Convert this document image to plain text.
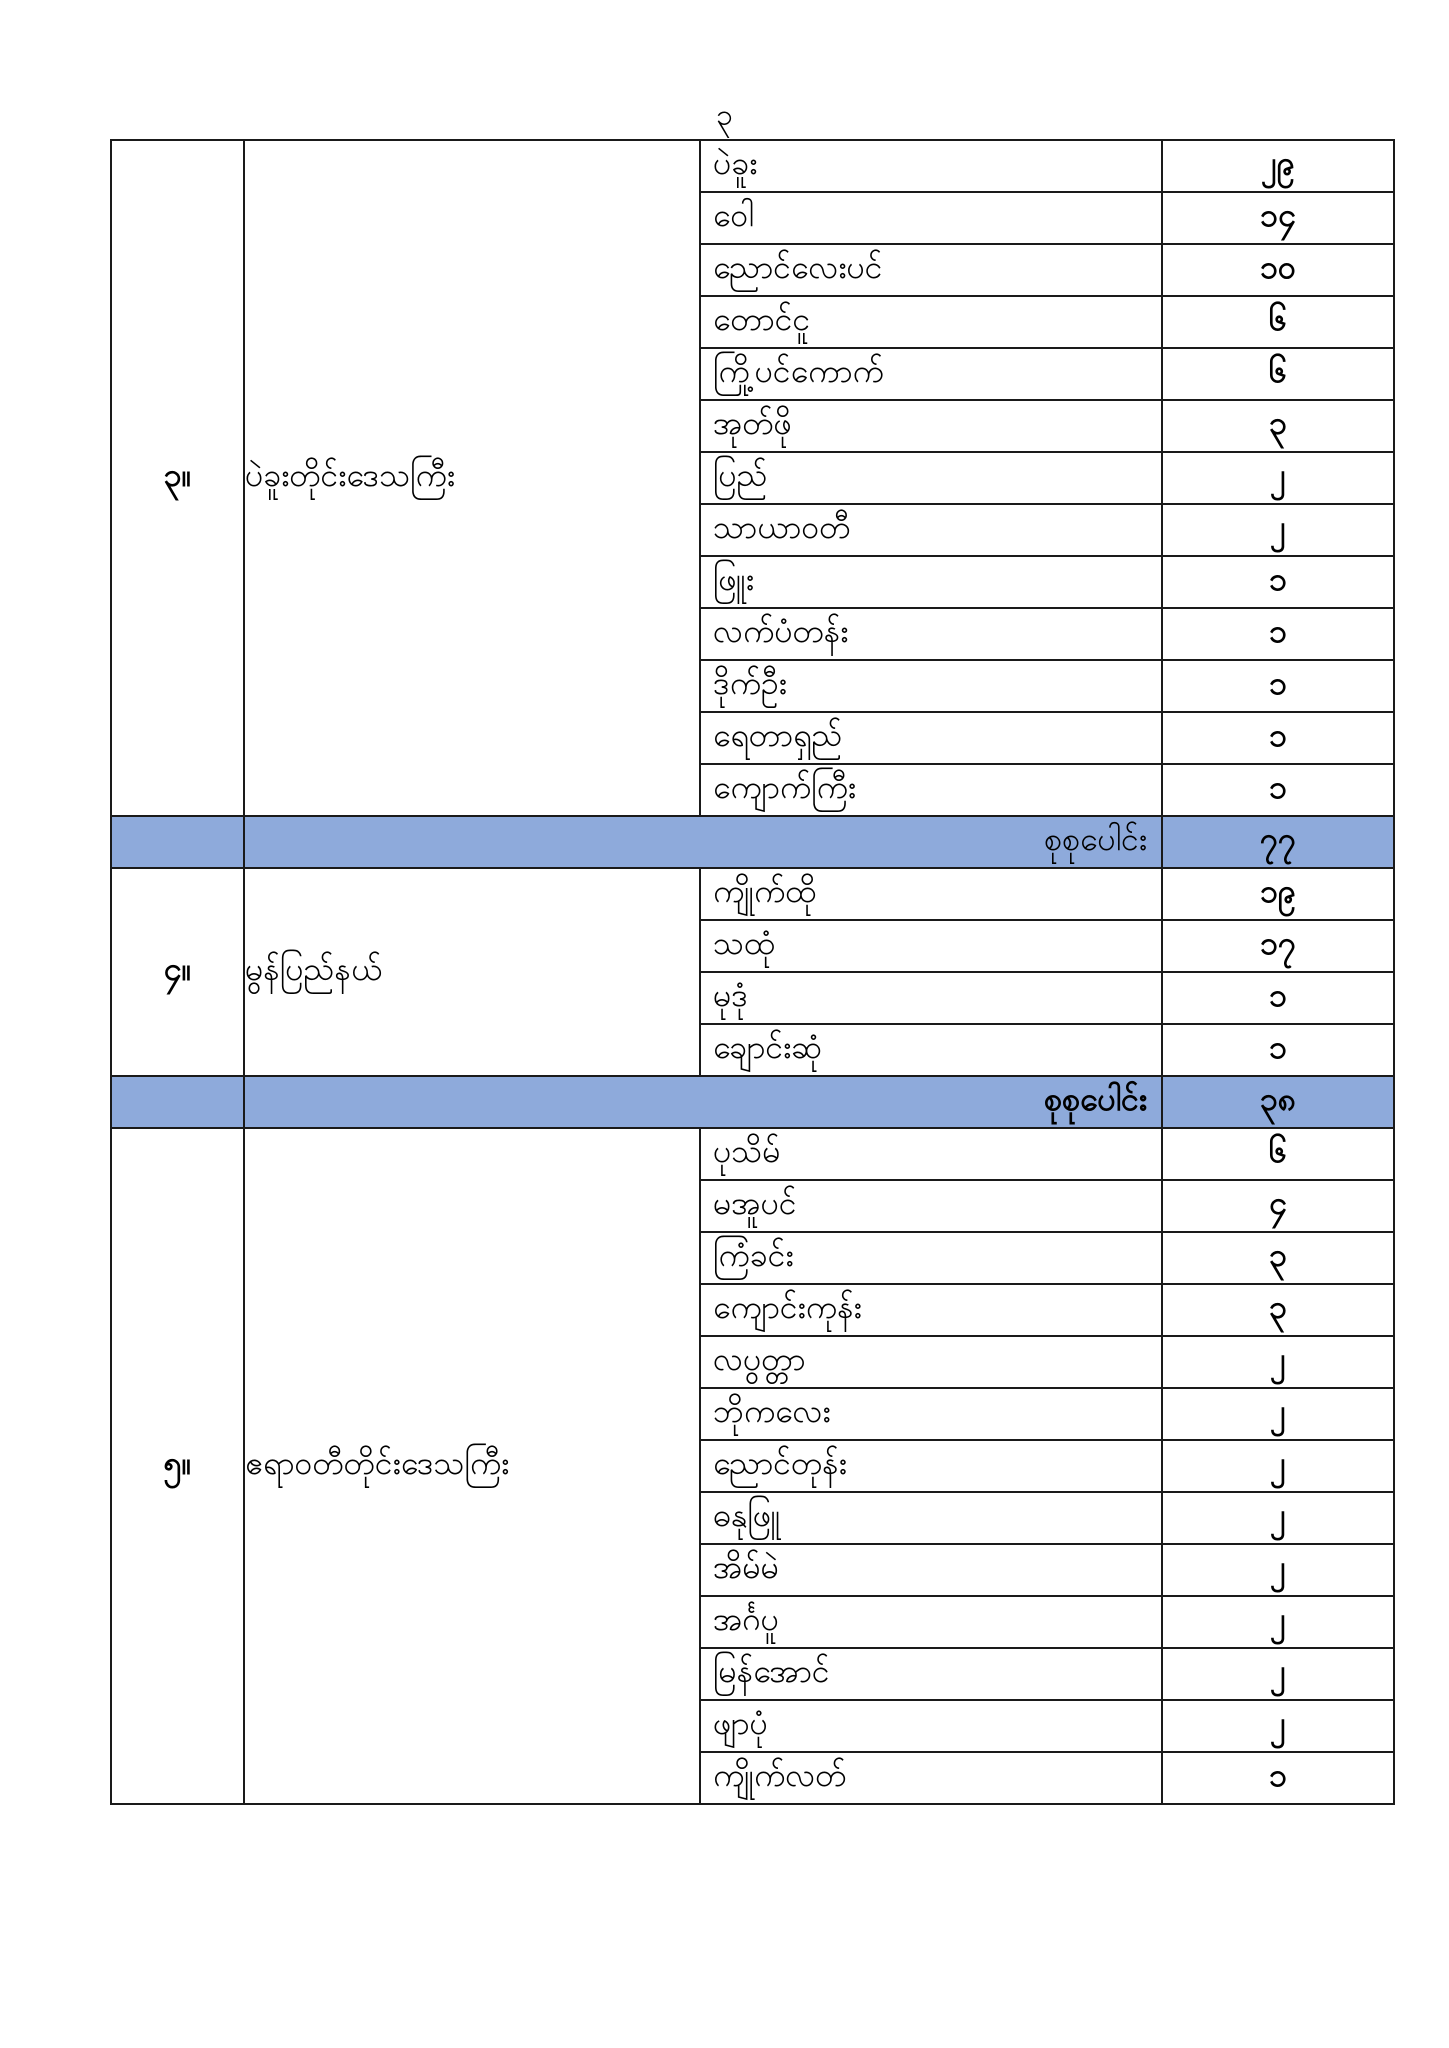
၃
၃။	ပဲခူးတိုင်းဒေသကြီး	ပဲခူး	၂၉
		ဝေါ	၁၄
		ညောင်လေးပင်	၁၀
		တောင်ငူ	၆
		ကြို့ပင်ကောက်	၆
		အုတ်ဖို	၃
		ပြည်	၂
		သာယာဝတီ	၂
		ဖြူး	၁
		လက်ပံတန်း	၁
		ဒိုက်ဦး	၁
		ရေတာရှည်	၁
		ကျောက်ကြီး	၁
	စုစုပေါင်း		၇၇
၄။	မွန်ပြည်နယ်	ကျိုက်ထို	၁၉
		သထုံ	၁၇
		မုဒုံ	၁
		ချောင်းဆုံ	၁
	စုစုပေါင်း		၃၈
၅။	ဧရာဝတီတိုင်းဒေသကြီး	ပုသိမ်	၆
		မအူပင်	၄
		ကြံခင်း	၃
		ကျောင်းကုန်း	၃
		လပွတ္တာ	၂
		ဘိုကလေး	၂
		ညောင်တုန်း	၂
		ဓနုဖြူ	၂
		အိမ်မဲ	၂
		အင်္ဂပူ	၂
		မြန်အောင်	၂
		ဖျာပုံ	၂
		ကျိုက်လတ်	၁
